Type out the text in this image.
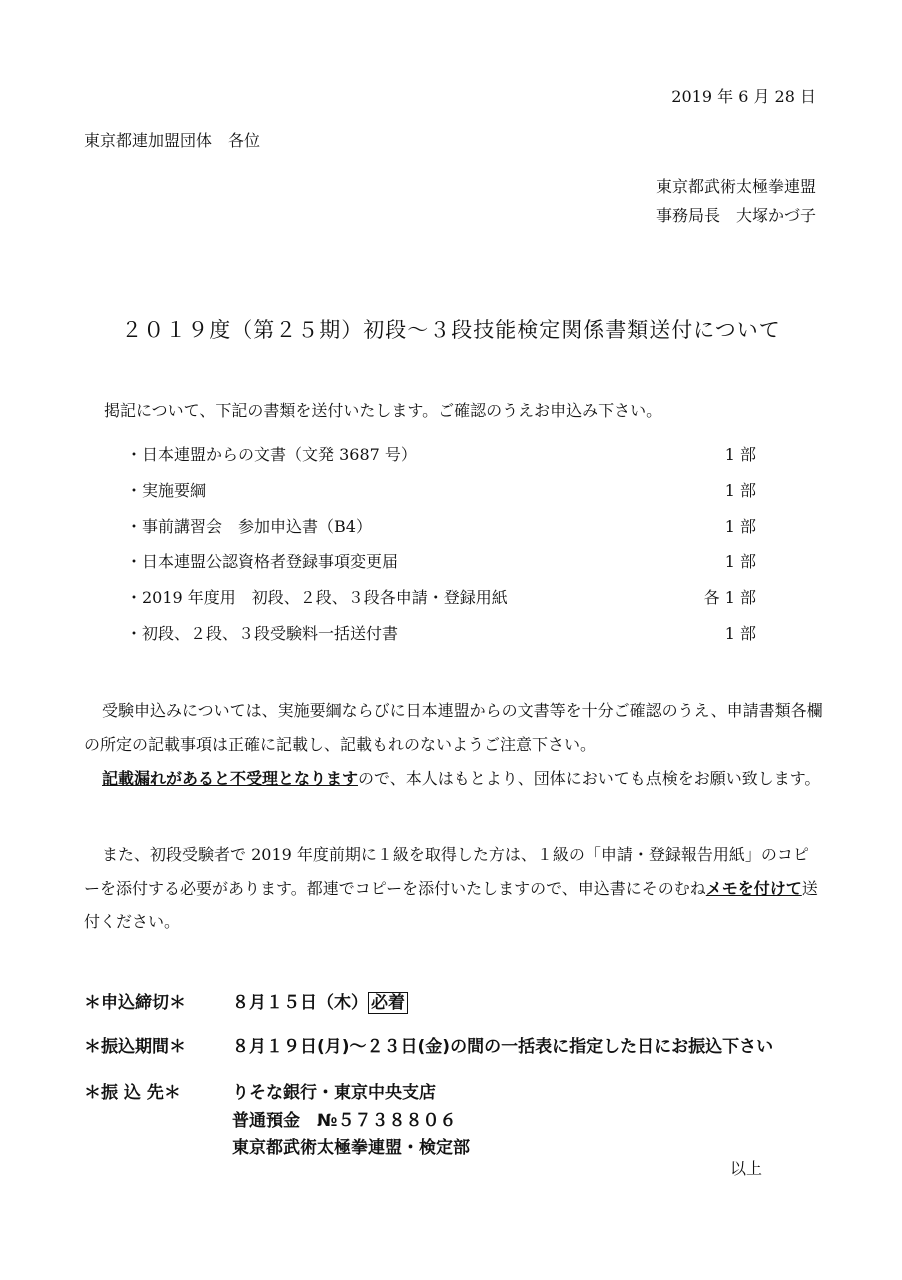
2019 年 6 月 28 日
東京都連加盟団体　各位
東京都武術太極拳連盟
事務局長　大塚かづ子
２０１９度（第２５期）初段～３段技能検定関係書類送付について
掲記について、下記の書類を送付いたします。ご確認のうえお申込み下さい。
・日本連盟からの文書（文発 3687 号）	1 部
・実施要綱	1 部
・事前講習会　参加申込書（B4）	1 部
・日本連盟公認資格者登録事項変更届	1 部
・2019 年度用　初段、２段、３段各申請・登録用紙	各 1 部
・初段、２段、３段受験料一括送付書	1 部
受験申込みについては、実施要綱ならびに日本連盟からの文書等を十分ご確認のうえ、申請書類各欄の所定の記載事項は正確に記載し、記載もれのないようご注意下さい。
記載漏れがあると不受理となりますので、本人はもとより、団体においても点検をお願い致します。
また、初段受験者で 2019 年度前期に１級を取得した方は、１級の「申請・登録報告用紙」のコピーを添付する必要があります。都連でコピーを添付いたしますので、申込書にそのむねメモを付けて送付ください。
＊申込締切＊	８月１５日（木） 必着
＊振込期間＊	８月１９日(月)～２３日(金)の間の一括表に指定した日にお振込下さい
＊振 込 先＊	りそな銀行・東京中央支店
普通預金　№５７３８８０６
東京都武術太極拳連盟・検定部
以上
